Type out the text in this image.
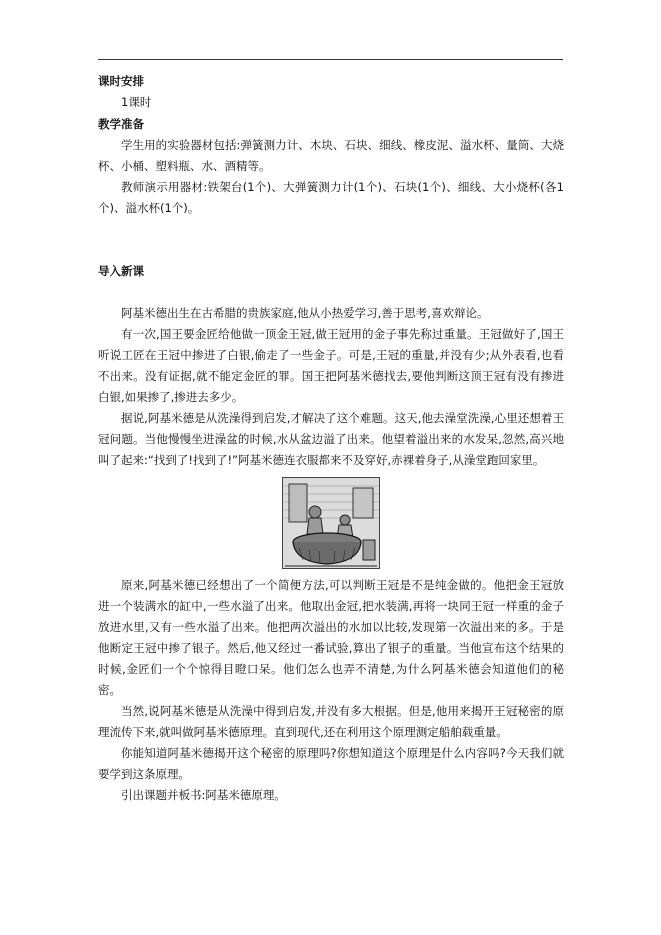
课时安排
1课时
教学准备
学生用的实验器材包括:弹簧测力计、木块、石块、细线、橡皮泥、溢水杯、量筒、大烧杯、小桶、塑料瓶、水、酒精等。
教师演示用器材:铁架台(1个)、大弹簧测力计(1个)、石块(1个)、细线、大小烧杯(各1个)、溢水杯(1个)。
导入新课
阿基米德出生在古希腊的贵族家庭,他从小热爱学习,善于思考,喜欢辩论。
有一次,国王要金匠给他做一顶金王冠,做王冠用的金子事先称过重量。王冠做好了,国王听说工匠在王冠中掺进了白银,偷走了一些金子。可是,王冠的重量,并没有少;从外表看,也看不出来。没有证据,就不能定金匠的罪。国王把阿基米德找去,要他判断这顶王冠有没有掺进白银,如果掺了,掺进去多少。
据说,阿基米德是从洗澡得到启发,才解决了这个难题。这天,他去澡堂洗澡,心里还想着王冠问题。当他慢慢坐进澡盆的时候,水从盆边溢了出来。他望着溢出来的水发呆,忽然,高兴地叫了起来:“找到了!找到了!”阿基米德连衣服都来不及穿好,赤裸着身子,从澡堂跑回家里。
原来,阿基米德已经想出了一个简便方法,可以判断王冠是不是纯金做的。他把金王冠放进一个装满水的缸中,一些水溢了出来。他取出金冠,把水装满,再将一块同王冠一样重的金子放进水里,又有一些水溢了出来。他把两次溢出的水加以比较,发现第一次溢出来的多。于是他断定王冠中掺了银子。然后,他又经过一番试验,算出了银子的重量。当他宣布这个结果的时候,金匠们一个个惊得目瞪口呆。他们怎么也弄不清楚,为什么阿基米德会知道他们的秘密。
当然,说阿基米德是从洗澡中得到启发,并没有多大根据。但是,他用来揭开王冠秘密的原理流传下来,就叫做阿基米德原理。直到现代,还在利用这个原理测定船舶载重量。
你能知道阿基米德揭开这个秘密的原理吗?你想知道这个原理是什么内容吗?今天我们就要学到这条原理。
引出课题并板书:阿基米德原理。
